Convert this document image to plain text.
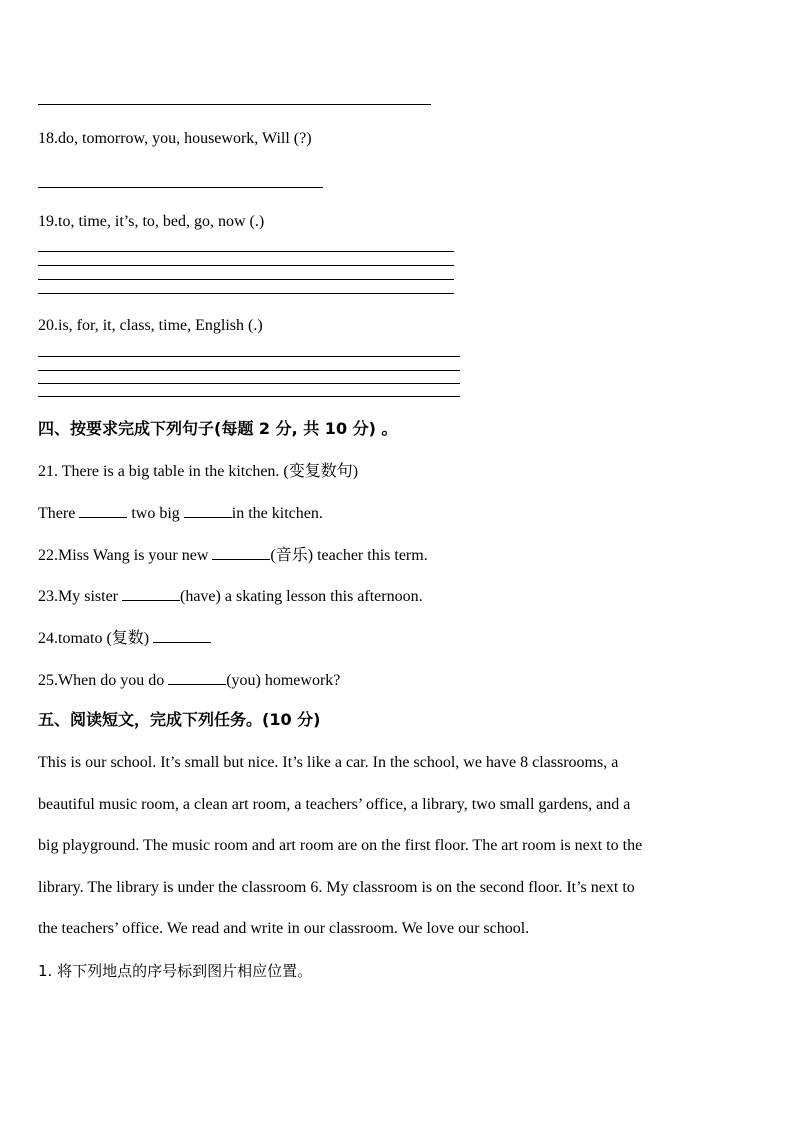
18.do, tomorrow, you, housework, Will (?)
19.to, time, it’s, to, bed, go, now (.)
20.is, for, it, class, time, English (.)
四、按要求完成下列句子(每题 2 分, 共 10 分) 。
21. There is a big table in the kitchen. (变复数句)
There	two big	in the kitchen.
22.Miss Wang is your new	(音乐) teacher this term.
23.My sister	(have) a skating lesson this afternoon.
24.tomato (复数)
25.When do you do	(you) homework?
五、阅读短文，完成下列任务。(10 分)
This is our school. It’s small but nice. It’s like a car. In the school, we have 8 classrooms, a
beautiful music room, a clean art room, a teachers’ office, a library, two small gardens, and a
big playground. The music room and art room are on the first floor. The art room is next to the
library. The library is under the classroom 6. My classroom is on the second floor. It’s next to
the teachers’ office. We read and write in our classroom. We love our school.
1. 将下列地点的序号标到图片相应位置。
